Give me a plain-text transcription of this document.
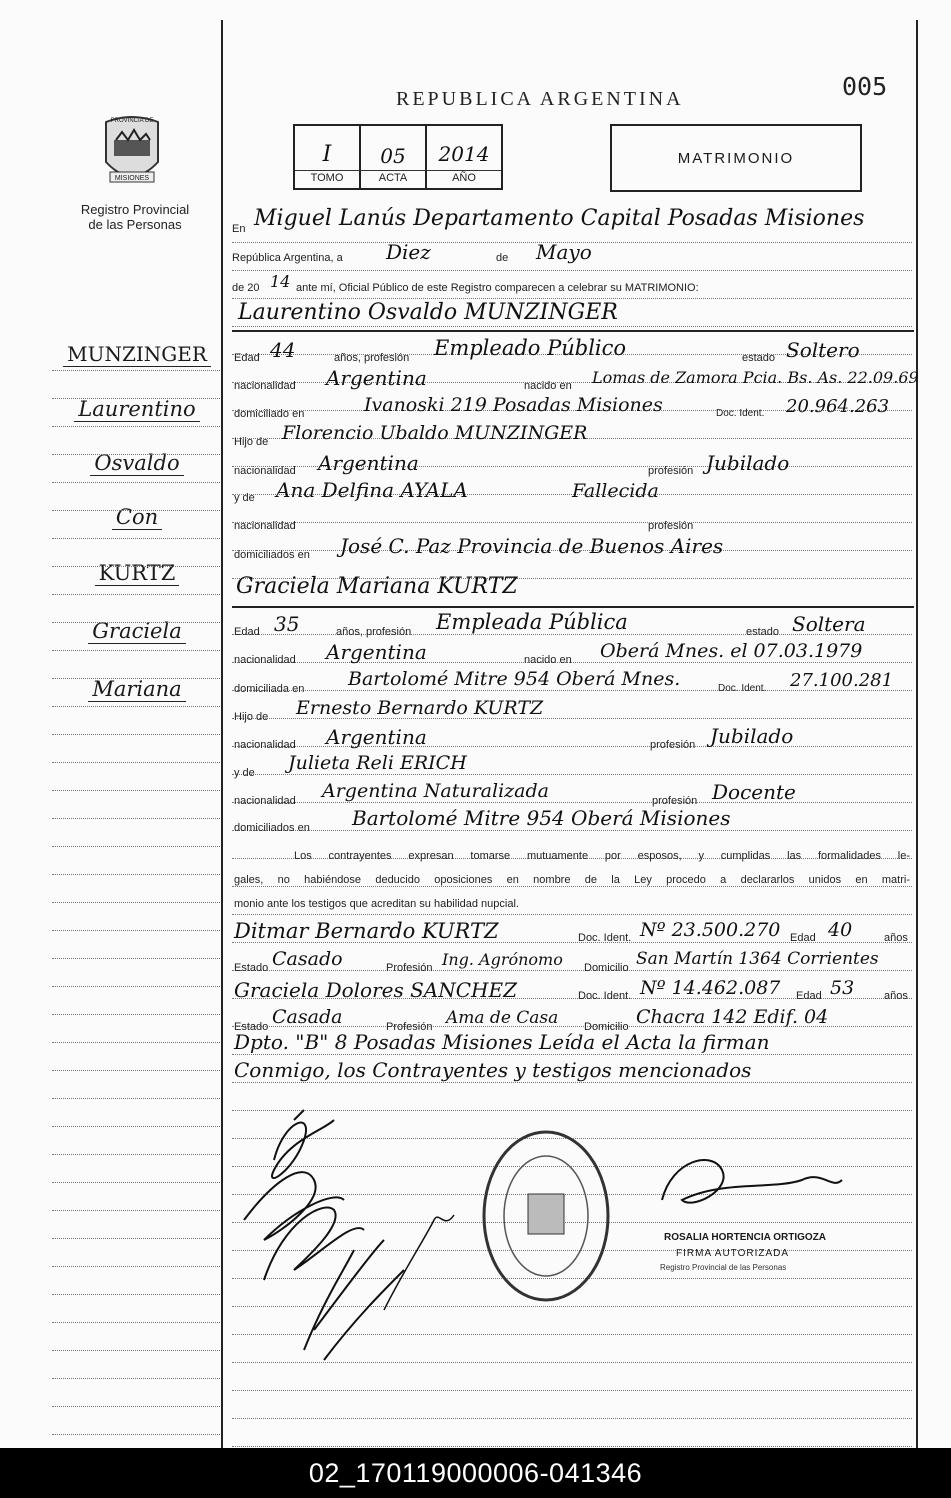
PROVINCIA DE
MISIONES
Registro Provincial
de las Personas
MUNZINGER
Laurentino
Osvaldo
Con
KURTZ
Graciela
Mariana
005
REPUBLICA ARGENTINA
I	05	2014
TOMO	ACTA	AÑO
MATRIMONIO
En Miguel Lanús Departamento Capital Posadas Misiones
República Argentina, a Diez	de Mayo
de 20 14 ante mí, Oficial Público de este Registro comparecen a celebrar su MATRIMONIO:
Laurentino Osvaldo MUNZINGER
Edad 44	años, profesión Empleado Público	estado Soltero
nacionalidad Argentina	nacido en Lomas de Zamora Pcia. Bs. As. 22.09.69
domiciliado en	Ivanoski 219 Posadas Misiones	Doc. Ident. 20.964.263
Hijo de Florencio Ubaldo MUNZINGER
nacionalidad Argentina	profesión Jubilado
y de Ana Delfina AYALA	Fallecida
nacionalidad	profesión
domiciliados en José C. Paz Provincia de Buenos Aires
Graciela Mariana KURTZ
Edad 35	años, profesión Empleada Pública	estado Soltera
nacionalidad Argentina	nacido en Oberá Mnes. el 07.03.1979
domiciliada en Bartolomé Mitre 954 Oberá Mnes.	Doc. Ident. 27.100.281
Hijo de Ernesto Bernardo KURTZ
nacionalidad Argentina	profesión Jubilado
y de Julieta Reli ERICH
nacionalidad Argentina Naturalizada	profesión Docente
domiciliados en Bartolomé Mitre 954 Oberá Misiones
Los contrayentes expresan tomarse mutuamente por esposos, y cumplidas las formalidades le-
gales, no habiéndose deducido oposiciones en nombre de la Ley procedo a declararlos unidos en matri-
monio ante los testigos que acreditan su habilidad nupcial.
Ditmar Bernardo KURTZ	Doc. Ident. Nº 23.500.270 Edad 40	años
Estado Casado	Profesión Ing. Agrónomo Domicilio San Martín 1364 Corrientes
Graciela Dolores SANCHEZ	Doc. Ident. Nº 14.462.087 Edad 53	años
Estado Casada	Profesión Ama de Casa Domicilio Chacra 142 Edif. 04
Dpto. "B" 8 Posadas Misiones Leída el Acta la firman
Conmigo, los Contrayentes y testigos mencionados
ROSALIA HORTENCIA ORTIGOZA
FIRMA AUTORIZADA
Registro Provincial de las Personas
02_170119000006-041346
